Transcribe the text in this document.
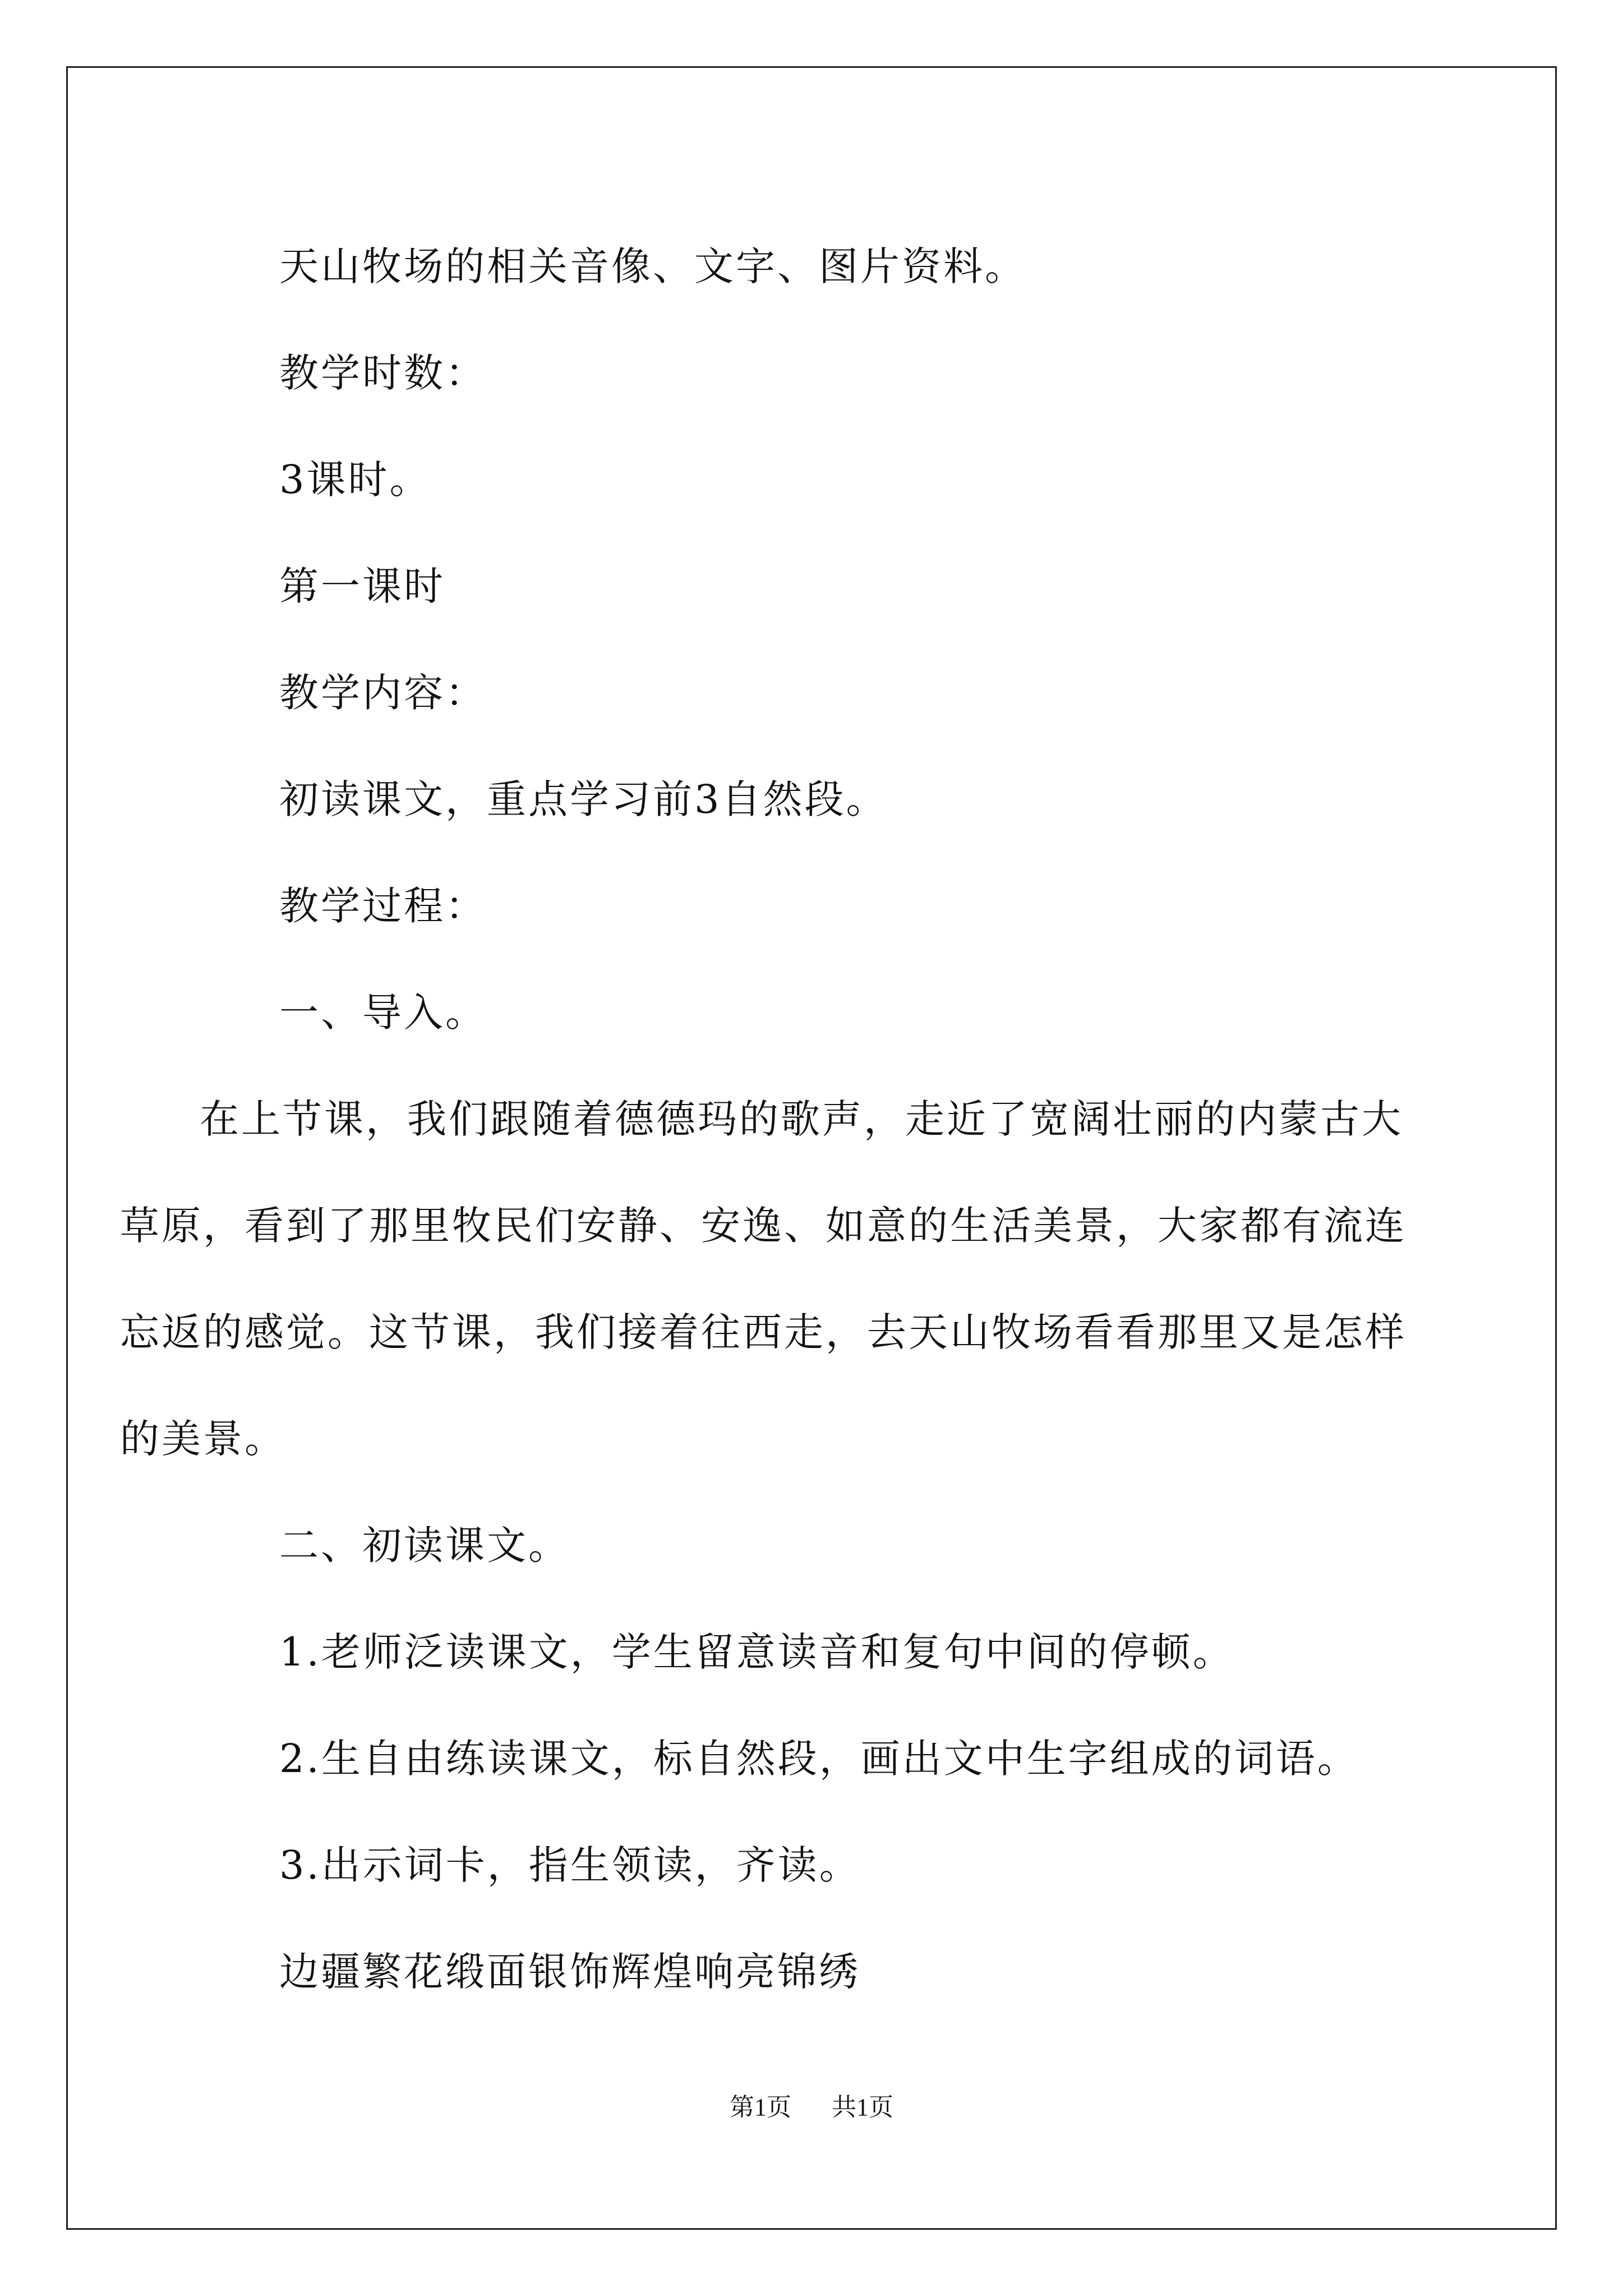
天山牧场的相关音像、文字、图片资料。

教学时数：

3课时。

第一课时

教学内容：

初读课文，重点学习前3自然段。

教学过程：

一、导入。

在上节课，我们跟随着德德玛的歌声，走近了宽阔壮丽的内蒙古大草原，看到了那里牧民们安静、安逸、如意的生活美景，大家都有流连忘返的感觉。这节课，我们接着往西走，去天山牧场看看那里又是怎样的美景。

二、初读课文。

1.老师泛读课文，学生留意读音和复句中间的停顿。

2.生自由练读课文，标自然段，画出文中生字组成的词语。

3.出示词卡，指生领读，齐读。

边疆繁花缎面银饰辉煌响亮锦绣

第1页 共1页
